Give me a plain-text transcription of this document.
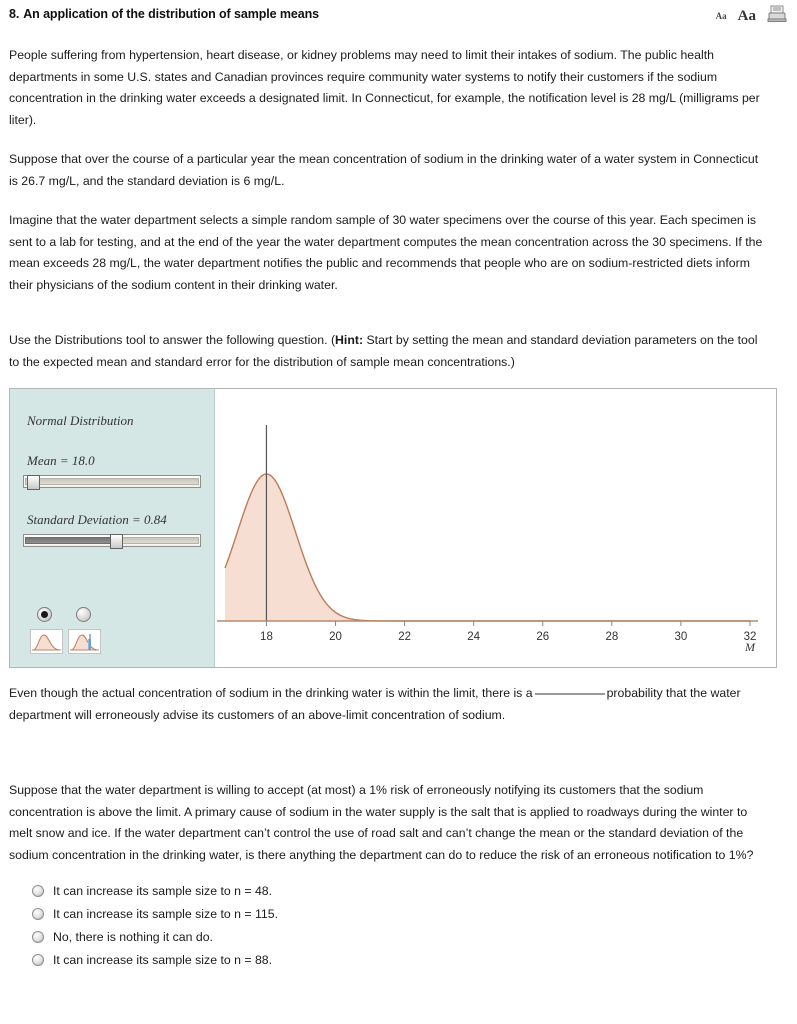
8. An application of the distribution of sample means	Aa Aa

People suffering from hypertension, heart disease, or kidney problems may need to limit their intakes of sodium. The public health departments in some U.S. states and Canadian provinces require community water systems to notify their customers if the sodium concentration in the drinking water exceeds a designated limit. In Connecticut, for example, the notification level is 28 mg/L (milligrams per liter).

Suppose that over the course of a particular year the mean concentration of sodium in the drinking water of a water system in Connecticut is 26.7 mg/L, and the standard deviation is 6 mg/L.

Imagine that the water department selects a simple random sample of 30 water specimens over the course of this year. Each specimen is sent to a lab for testing, and at the end of the year the water department computes the mean concentration across the 30 specimens. If the mean exceeds 28 mg/L, the water department notifies the public and recommends that people who are on sodium-restricted diets inform their physicians of the sodium content in their drinking water.

Use the Distributions tool to answer the following question. (Hint: Start by setting the mean and standard deviation parameters on the tool to the expected mean and standard error for the distribution of sample mean concentrations.)

Normal Distribution
Mean = 18.0
Standard Deviation = 0.84
18	20	22	24	26	28	30	32
M

Even though the actual concentration of sodium in the drinking water is within the limit, there is a	probability that the water department will erroneously advise its customers of an above-limit concentration of sodium.

Suppose that the water department is willing to accept (at most) a 1% risk of erroneously notifying its customers that the sodium concentration is above the limit. A primary cause of sodium in the water supply is the salt that is applied to roadways during the winter to melt snow and ice. If the water department can’t control the use of road salt and can’t change the mean or the standard deviation of the sodium concentration in the drinking water, is there anything the department can do to reduce the risk of an erroneous notification to 1%?

It can increase its sample size to n = 48.
It can increase its sample size to n = 115.
No, there is nothing it can do.
It can increase its sample size to n = 88.
